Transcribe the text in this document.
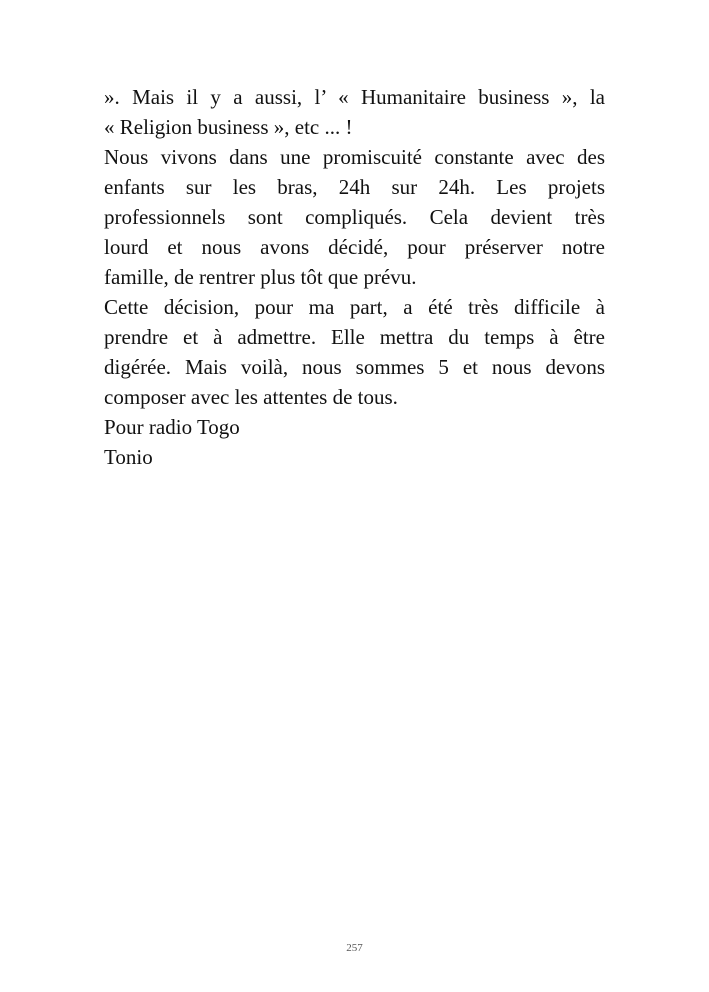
». Mais il y a aussi, l’ « Humanitaire business », la
« Religion business », etc ... !

Nous vivons dans une promiscuité constante avec des
enfants sur les bras, 24h sur 24h. Les projets
professionnels sont compliqués. Cela devient très
lourd et nous avons décidé, pour préserver notre
famille, de rentrer plus tôt que prévu.

Cette décision, pour ma part, a été très difficile à
prendre et à admettre. Elle mettra du temps à être
digérée. Mais voilà, nous sommes 5 et nous devons
composer avec les attentes de tous.

Pour radio Togo

Tonio

257
